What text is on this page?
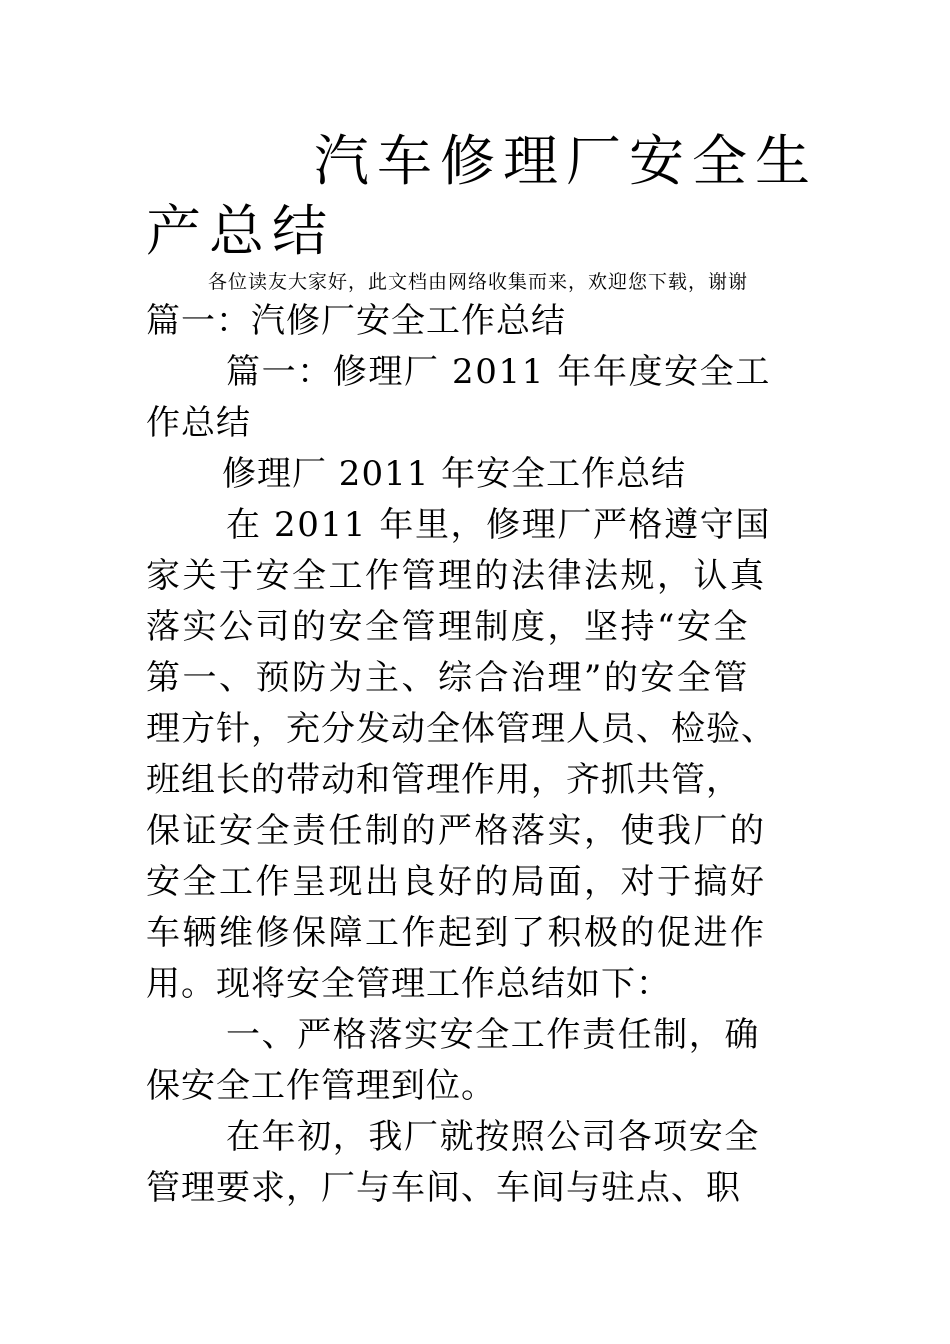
汽车修理厂安全生
产总结

各位读友大家好，此文档由网络收集而来，欢迎您下载，谢谢

篇一：汽修厂安全工作总结

篇一：修理厂 2011 年年度安全工

作总结

修理厂 2011 年安全工作总结

在 2011 年里，修理厂严格遵守国

家关于安全工作管理的法律法规，认真

落实公司的安全管理制度，坚持“安全

第一、预防为主、综合治理”的安全管

理方针，充分发动全体管理人员、检验、

班组长的带动和管理作用，齐抓共管，

保证安全责任制的严格落实，使我厂的

安全工作呈现出良好的局面，对于搞好

车辆维修保障工作起到了积极的促进作

用。现将安全管理工作总结如下：

一、严格落实安全工作责任制，确

保安全工作管理到位。

在年初，我厂就按照公司各项安全

管理要求，厂与车间、车间与驻点、职
